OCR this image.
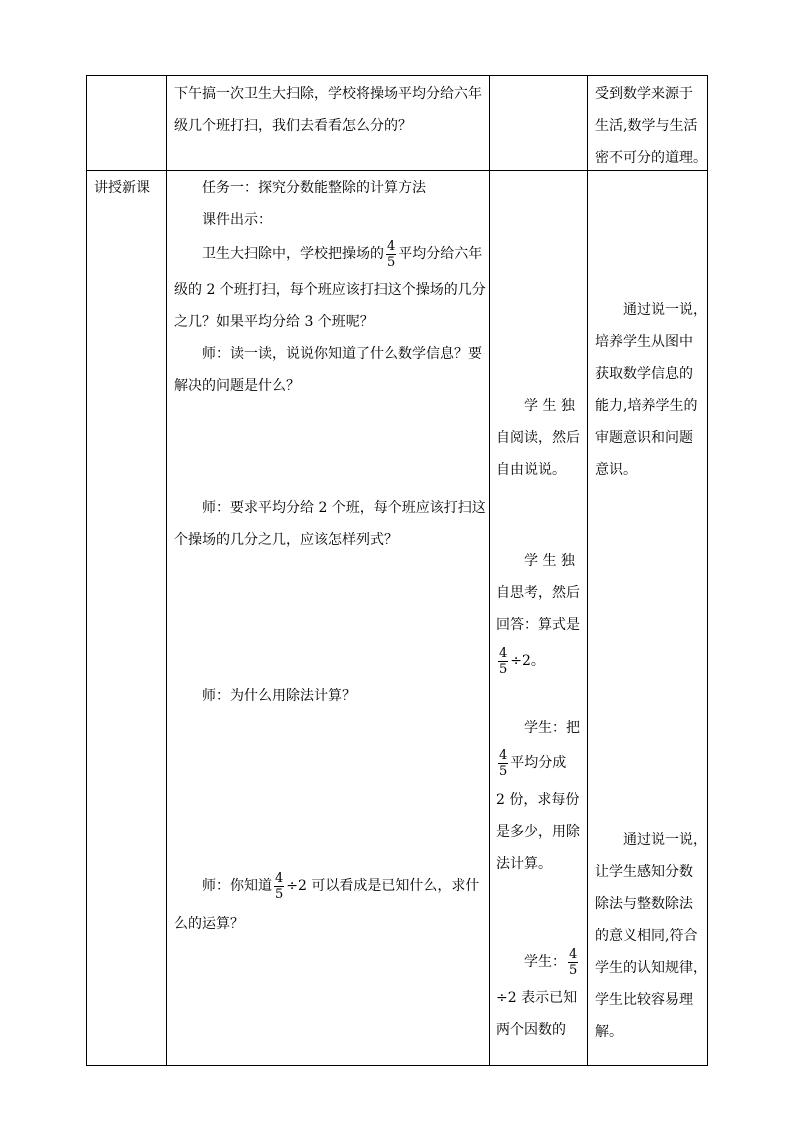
下午搞一次卫生大扫除，学校将操场平均分给六年
级几个班打扫，我们去看看怎么分的？
受到数学来源于
生活,数学与生活
密不可分的道理。
讲授新课	任务一：探究分数能整除的计算方法
课件出示：
卫生大扫除中，学校把操场的 $\frac{4}{5}$ 平均分给六年
级的 2 个班打扫，每个班应该打扫这个操场的几分
之几？如果平均分给 3 个班呢？
师：读一读，说说你知道了什么数学信息？要
解决的问题是什么？
师：要求平均分给 2 个班，每个班应该打扫这
个操场的几分之几，应该怎样列式？
师：为什么用除法计算？
师：你知道 $\frac{4}{5} \div 2$ 可以看成是已知什么，求什
么的运算？
学 生 独
自阅读，然后
自由说说。
学 生 独
自思考，然后
回答：算式是
$\frac{4}{5} \div 2$。
学生：把
$\frac{4}{5}$ 平均分成
2 份，求每份
是多少，用除
法计算。
学生： $\frac{4}{5}$
÷2 表示已知
两个因数的
通过说一说，
培养学生从图中
获取数学信息的
能力,培养学生的
审题意识和问题
意识。
通过说一说，
让学生感知分数
除法与整数除法
的意义相同,符合
学生的认知规律，
学生比较容易理
解。
